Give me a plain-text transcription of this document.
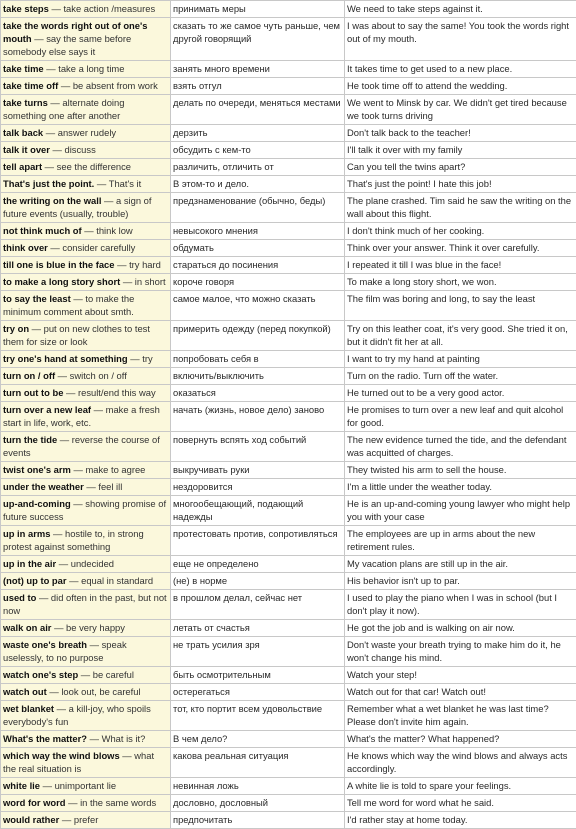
take steps — take action /measures	принимать меры	We need to take steps against it.
take the words right out of one's mouth — say the same before somebody else says it	сказать то же самое чуть раньше, чем другой говорящий	I was about to say the same! You took the words right out of my mouth.
take time — take a long time	занять много времени	It takes time to get used to a new place.
take time off — be absent from work	взять отгул	He took time off to attend the wedding.
take turns — alternate doing something one after another	делать по очереди, меняться местами	We went to Minsk by car. We didn't get tired because we took turns driving
talk back — answer rudely	дерзить	Don't talk back to the teacher!
talk it over — discuss	обсудить с кем-то	I'll talk it over with my family
tell apart — see the difference	различить, отличить от	Can you tell the twins apart?
That's just the point. — That's it	В этом-то и дело.	That's just the point! I hate this job!
the writing on the wall — a sign of future events (usually, trouble)	предзнаменование (обычно, беды)	The plane crashed. Tim said he saw the writing on the wall about this flight.
not think much of — think low	невысокого мнения	I don't think much of her cooking.
think over — consider carefully	обдумать	Think over your answer. Think it over carefully.
till one is blue in the face — try hard	стараться до посинения	I repeated it till I was blue in the face!
to make a long story short — in short	короче говоря	To make a long story short, we won.
to say the least — to make the minimum comment about smth.	самое малое, что можно сказать	The film was boring and long, to say the least
try on — put on new clothes to test them for size or look	примерить одежду (перед покупкой)	Try on this leather coat, it's very good. She tried it on, but it didn't fit her at all.
try one's hand at something — try	попробовать себя в	I want to try my hand at painting
turn on / off — switch on / off	включить/выключить	Turn on the radio. Turn off the water.
turn out to be — result/end this way	оказаться	He turned out to be a very good actor.
turn over a new leaf — make a fresh start in life, work, etc.	начать (жизнь, новое дело) заново	He promises to turn over a new leaf and quit alcohol for good.
turn the tide — reverse the course of events	повернуть вспять ход событий	The new evidence turned the tide, and the defendant was acquitted of charges.
twist one's arm — make to agree	выкручивать руки	They twisted his arm to sell the house.
under the weather — feel ill	нездоровится	I'm a little under the weather today.
up-and-coming — showing promise of future success	многообещающий, подающий надежды	He is an up-and-coming young lawyer who might help you with your case
up in arms — hostile to, in strong protest against something	протестовать против, сопротивляться	The employees are up in arms about the new retirement rules.
up in the air — undecided	еще не определено	My vacation plans are still up in the air.
(not) up to par — equal in standard	(не) в норме	His behavior isn't up to par.
used to — did often in the past, but not now	в прошлом делал, сейчас нет	I used to play the piano when I was in school (but I don't play it now).
walk on air — be very happy	летать от счастья	He got the job and is walking on air now.
waste one's breath — speak uselessly, to no purpose	не трать усилия зря	Don't waste your breath trying to make him do it, he won't change his mind.
watch one's step — be careful	быть осмотрительным	Watch your step!
watch out — look out, be careful	остерегаться	Watch out for that car! Watch out!
wet blanket — a kill-joy, who spoils everybody's fun	тот, кто портит всем удовольствие	Remember what a wet blanket he was last time? Please don't invite him again.
What's the matter? — What is it?	В чем дело?	What's the matter? What happened?
which way the wind blows — what the real situation is	какова реальная ситуация	He knows which way the wind blows and always acts accordingly.
white lie — unimportant lie	невинная ложь	A white lie is told to spare your feelings.
word for word — in the same words	дословно, дословный	Tell me word for word what he said.
would rather — prefer	предпочитать	I'd rather stay at home today.
